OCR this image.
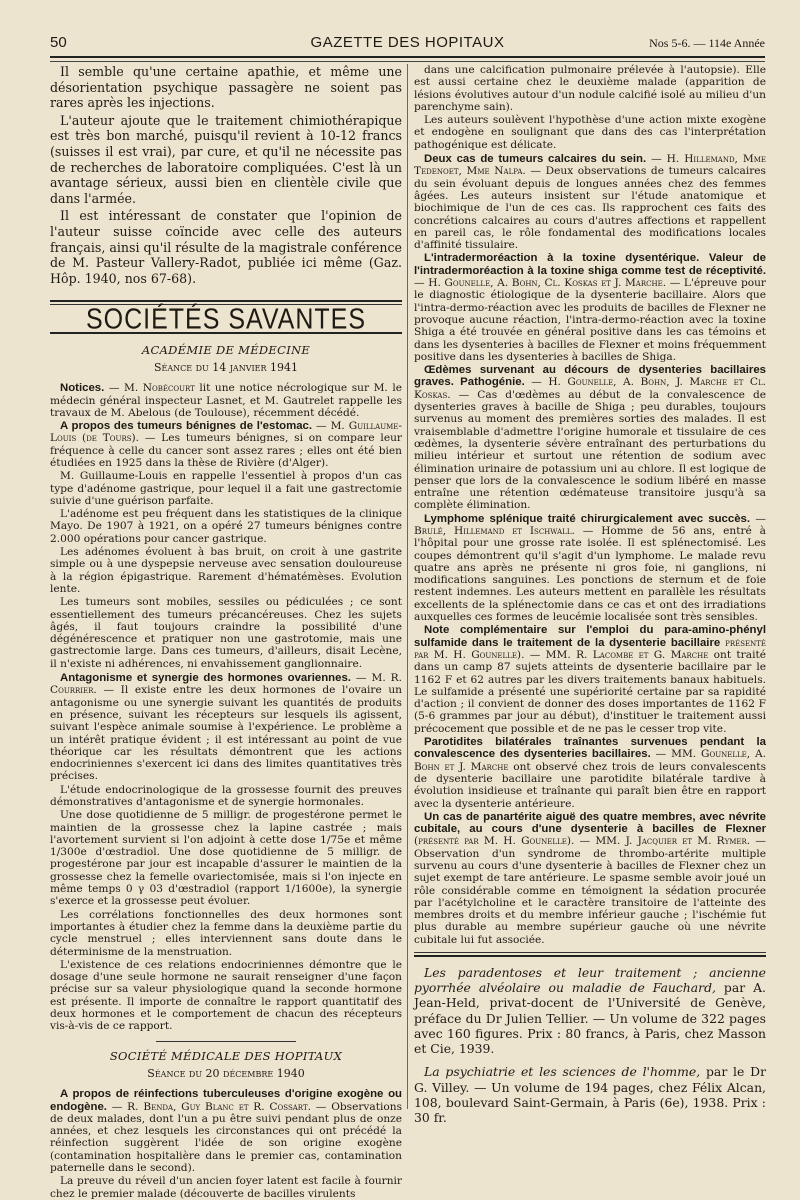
50	GAZETTE DES HOPITAUX	Nos 5-6. — 114e Année

Il semble qu'une certaine apathie, et même une désorientation psychique passagère ne soient pas rares après les injections.

L'auteur ajoute que le traitement chimiothérapique est très bon marché, puisqu'il revient à 10-12 francs (suisses il est vrai), par cure, et qu'il ne nécessite pas de recherches de laboratoire compliquées. C'est là un avantage sérieux, aussi bien en clientèle civile que dans l'armée.

Il est intéressant de constater que l'opinion de l'auteur suisse coïncide avec celle des auteurs français, ainsi qu'il résulte de la magistrale conférence de M. Pasteur Vallery-Radot, publiée ici même (Gaz. Hôp. 1940, nos 67-68).

SOCIÉTÉS SAVANTES
ACADÉMIE DE MÉDECINE
Séance du 14 janvier 1941

Notices. — M. Nobécourt lit une notice nécrologique sur M. le médecin général inspecteur Lasnet, et M. Gautrelet rappelle les travaux de M. Abelous (de Toulouse), récemment décédé.

A propos des tumeurs bénignes de l'estomac. — M. Guillaume-Louis (de Tours). — Les tumeurs bénignes, si on compare leur fréquence à celle du cancer sont assez rares ; elles ont été bien étudiées en 1925 dans la thèse de Rivière (d'Alger).

M. Guillaume-Louis en rappelle l'essentiel à propos d'un cas type d'adénome gastrique, pour lequel il a fait une gastrectomie suivie d'une guérison parfaite.

L'adénome est peu fréquent dans les statistiques de la clinique Mayo. De 1907 à 1921, on a opéré 27 tumeurs bénignes contre 2.000 opérations pour cancer gastrique.

Les adénomes évoluent à bas bruit, on croit à une gastrite simple ou à une dyspepsie nerveuse avec sensation douloureuse à la région épigastrique. Rarement d'hématémèses. Evolution lente.

Les tumeurs sont mobiles, sessiles ou pédiculées ; ce sont essentiellement des tumeurs précancéreuses. Chez les sujets âgés, il faut toujours craindre la possibilité d'une dégénérescence et pratiquer non une gastrotomie, mais une gastrectomie large. Dans ces tumeurs, d'ailleurs, disait Lecène, il n'existe ni adhérences, ni envahissement ganglionnaire.

Antagonisme et synergie des hormones ovariennes. — M. R. Courrier. — Il existe entre les deux hormones de l'ovaire un antagonisme ou une synergie suivant les quantités de produits en présence, suivant les récepteurs sur lesquels ils agissent, suivant l'espèce animale soumise à l'expérience. Le problème a un intérêt pratique évident ; il est intéressant au point de vue théorique car les résultats démontrent que les actions endocriniennes s'exercent ici dans des limites quantitatives très précises.

L'étude endocrinologique de la grossesse fournit des preuves démonstratives d'antagonisme et de synergie hormonales.

Une dose quotidienne de 5 milligr. de progestérone permet le maintien de la grossesse chez la lapine castrée ; mais l'avortement survient si l'on adjoint à cette dose 1/75e et même 1/300e d'œstradiol. Une dose quotidienne de 5 milligr. de progestérone par jour est incapable d'assurer le maintien de la grossesse chez la femelle ovariectomisée, mais si l'on injecte en même temps 0 γ 03 d'œstradiol (rapport 1/1600e), la synergie s'exerce et la grossesse peut évoluer.

Les corrélations fonctionnelles des deux hormones sont importantes à étudier chez la femme dans la deuxième partie du cycle menstruel ; elles interviennent sans doute dans le déterminisme de la menstruation.

L'existence de ces relations endocriniennes démontre que le dosage d'une seule hormone ne saurait renseigner d'une façon précise sur sa valeur physiologique quand la seconde hormone est présente. Il importe de connaître le rapport quantitatif des deux hormones et le comportement de chacun des récepteurs vis-à-vis de ce rapport.

SOCIÉTÉ MÉDICALE DES HOPITAUX
Séance du 20 décembre 1940

A propos de réinfections tuberculeuses d'origine exogène ou endogène. — R. Benda, Guy Blanc et R. Cossart. — Observations de deux malades, dont l'un a pu être suivi pendant plus de onze années, et chez lesquels les circonstances qui ont précédé la réinfection suggèrent l'idée de son origine exogène (contamination hospitalière dans le premier cas, contamination paternelle dans le second).

La preuve du réveil d'un ancien foyer latent est facile à fournir chez le premier malade (découverte de bacilles virulents

dans une calcification pulmonaire prélevée à l'autopsie). Elle est aussi certaine chez le deuxième malade (apparition de lésions évolutives autour d'un nodule calcifié isolé au milieu d'un parenchyme sain).

Les auteurs soulèvent l'hypothèse d'une action mixte exogène et endogène en soulignant que dans des cas l'interprétation pathogénique est délicate.

Deux cas de tumeurs calcaires du sein. — H. Hillemand, Mme Tedenoet, Mme Nalpa. — Deux observations de tumeurs calcaires du sein évoluant depuis de longues années chez des femmes âgées. Les auteurs insistent sur l'étude anatomique et biochimique de l'un de ces cas. Ils rapprochent ces faits des concrétions calcaires au cours d'autres affections et rappellent en pareil cas, le rôle fondamental des modifications locales d'affinité tissulaire.

L'intradermoréaction à la toxine dysentérique. Valeur de l'intradermoréaction à la toxine shiga comme test de réceptivité. — H. Gounelle, A. Bohn, Cl. Koskas et J. Marche. — L'épreuve pour le diagnostic étiologique de la dysenterie bacillaire. Alors que l'intra-dermo-réaction avec les produits de bacilles de Flexner ne provoque aucune réaction, l'intra-dermo-réaction avec la toxine Shiga a été trouvée en général positive dans les cas témoins et dans les dysenteries à bacilles de Flexner et moins fréquemment positive dans les dysenteries à bacilles de Shiga.

Œdèmes survenant au décours de dysenteries bacillaires graves. Pathogénie. — H. Gounelle, A. Bohn, J. Marche et Cl. Koskas. — Cas d'œdèmes au début de la convalescence de dysenteries graves à bacille de Shiga ; peu durables, toujours survenus au moment des premières sorties des malades. Il est vraisemblable d'admettre l'origine humorale et tissulaire de ces œdèmes, la dysenterie sévère entraînant des perturbations du milieu intérieur et surtout une rétention de sodium avec élimination urinaire de potassium uni au chlore. Il est logique de penser que lors de la convalescence le sodium libéré en masse entraîne une rétention œdémateuse transitoire jusqu'à sa complète élimination.

Lymphome splénique traité chirurgicalement avec succès. — Brulé, Hillemand et Ischwall. — Homme de 56 ans, entré à l'hôpital pour une grosse rate isolée. Il est splénectomisé. Les coupes démontrent qu'il s'agit d'un lymphome. Le malade revu quatre ans après ne présente ni gros foie, ni ganglions, ni modifications sanguines. Les ponctions de sternum et de foie restent indemnes. Les auteurs mettent en parallèle les résultats excellents de la splénectomie dans ce cas et ont des irradiations auxquelles ces formes de leucémie localisée sont très sensibles.

Note complémentaire sur l'emploi du para-amino-phényl sulfamide dans le traitement de la dysenterie bacillaire présenté par M. H. Gounelle). — MM. R. Lacombe et G. Marche ont traité dans un camp 87 sujets atteints de dysenterie bacillaire par le 1162 F et 62 autres par les divers traitements banaux habituels. Le sulfamide a présenté une supériorité certaine par sa rapidité d'action ; il convient de donner des doses importantes de 1162 F (5-6 grammes par jour au début), d'instituer le traitement aussi précocement que possible et de ne pas le cesser trop vite.

Parotidites bilatérales traînantes survenues pendant la convalescence des dysenteries bacillaires. — MM. Gounelle, A. Bohn et J. Marche ont observé chez trois de leurs convalescents de dysenterie bacillaire une parotidite bilatérale tardive à évolution insidieuse et traînante qui paraît bien être en rapport avec la dysenterie antérieure.

Un cas de panartérite aiguë des quatre membres, avec névrite cubitale, au cours d'une dysenterie à bacilles de Flexner (présenté par M. H. Gounelle). — MM. J. Jacquier et M. Rymer. — Observation d'un syndrome de thrombo-artérite multiple survenu au cours d'une dysenterie à bacilles de Flexner chez un sujet exempt de tare antérieure. Le spasme semble avoir joué un rôle considérable comme en témoignent la sédation procurée par l'acétylcholine et le caractère transitoire de l'atteinte des membres droits et du membre inférieur gauche ; l'ischémie fut plus durable au membre supérieur gauche où une névrite cubitale lui fut associée.

Les paradentoses et leur traitement ; ancienne pyorrhée alvéolaire ou maladie de Fauchard, par A. Jean-Held, privat-docent de l'Université de Genève, préface du Dr Julien Tellier. — Un volume de 322 pages avec 160 figures. Prix : 80 francs, à Paris, chez Masson et Cie, 1939.

La psychiatrie et les sciences de l'homme, par le Dr G. Villey. — Un volume de 194 pages, chez Félix Alcan, 108, boulevard Saint-Germain, à Paris (6e), 1938. Prix : 30 fr.
